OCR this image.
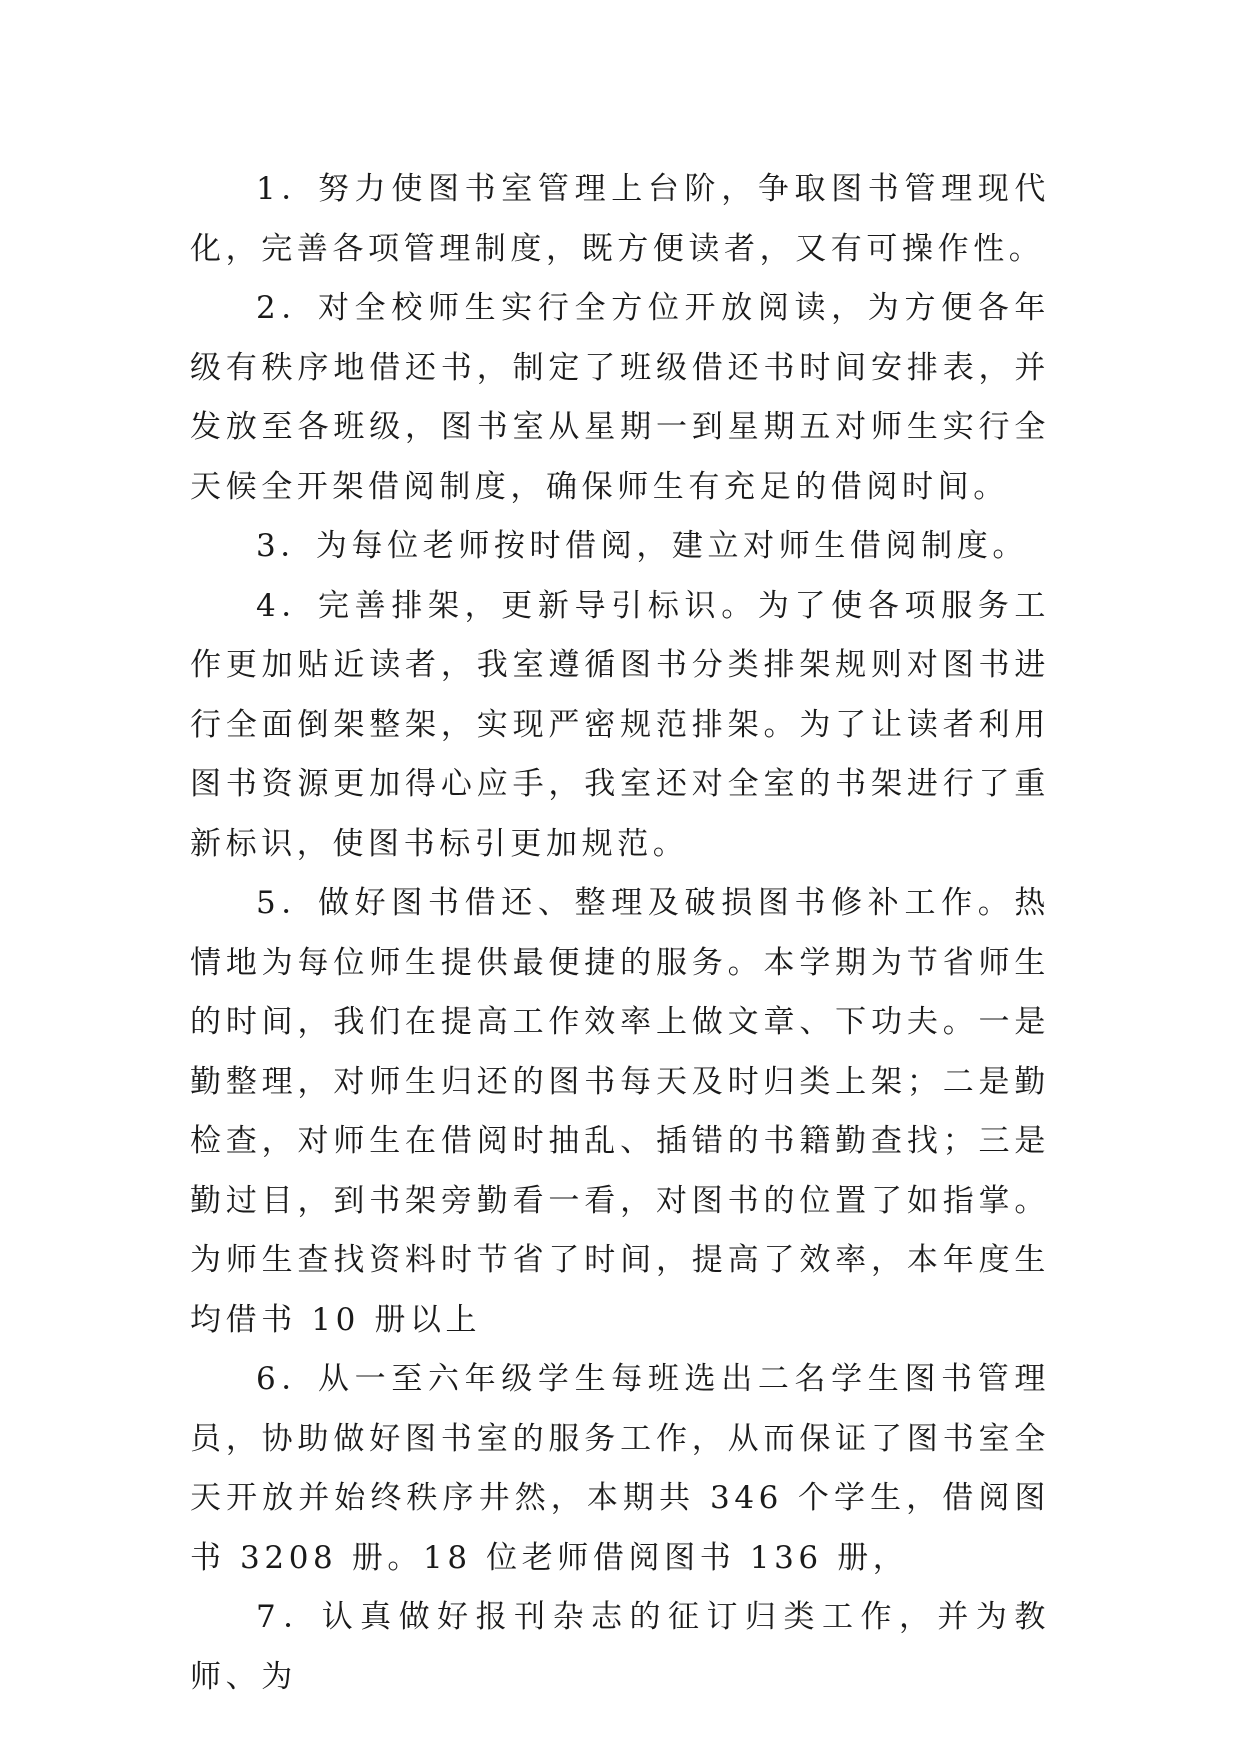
1．努力使图书室管理上台阶，争取图书管理现代化，完善各项管理制度，既方便读者，又有可操作性。

2．对全校师生实行全方位开放阅读，为方便各年级有秩序地借还书，制定了班级借还书时间安排表，并发放至各班级，图书室从星期一到星期五对师生实行全天候全开架借阅制度，确保师生有充足的借阅时间。

3．为每位老师按时借阅，建立对师生借阅制度。

4．完善排架，更新导引标识。为了使各项服务工作更加贴近读者，我室遵循图书分类排架规则对图书进行全面倒架整架，实现严密规范排架。为了让读者利用图书资源更加得心应手，我室还对全室的书架进行了重新标识，使图书标引更加规范。

5．做好图书借还、整理及破损图书修补工作。热情地为每位师生提供最便捷的服务。本学期为节省师生的时间，我们在提高工作效率上做文章、下功夫。一是勤整理，对师生归还的图书每天及时归类上架；二是勤检查，对师生在借阅时抽乱、插错的书籍勤查找；三是勤过目，到书架旁勤看一看，对图书的位置了如指掌。为师生查找资料时节省了时间，提高了效率，本年度生均借书 10 册以上

6．从一至六年级学生每班选出二名学生图书管理员，协助做好图书室的服务工作，从而保证了图书室全天开放并始终秩序井然，本期共 346 个学生，借阅图书 3208 册。18 位老师借阅图书 136 册，

7．认真做好报刊杂志的征订归类工作，并为教师、为
